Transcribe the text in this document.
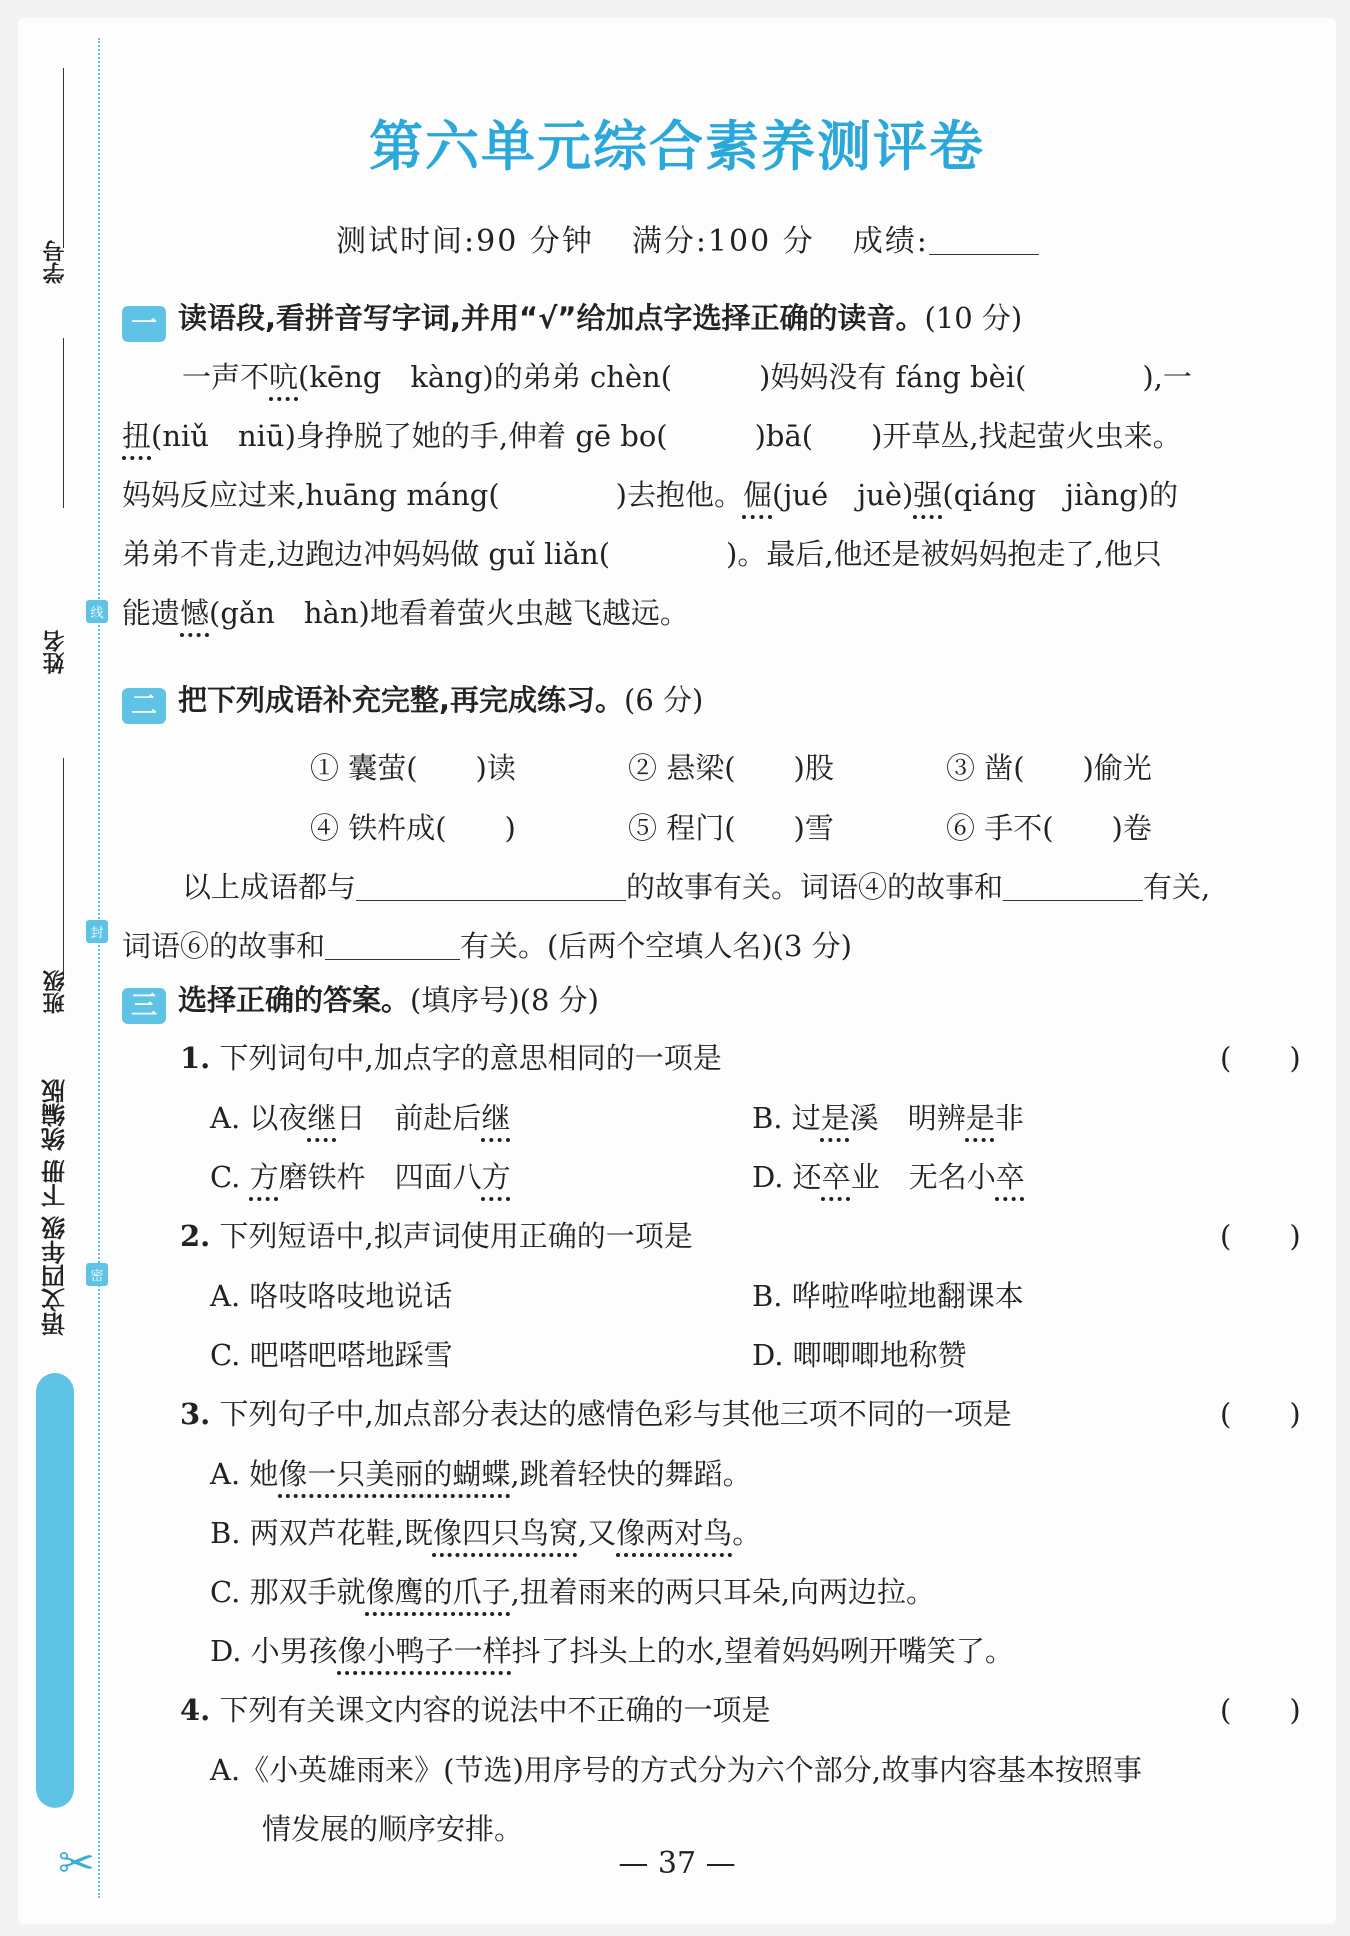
学号
姓名
班级
线
封
密
语文四年级 下册 统编版
✂
第六单元综合素养测评卷
测试时间:90 分钟 满分:100 分 成绩:
一 读语段,看拼音写字词,并用“√”给加点字选择正确的读音。(10 分)

一声不吭(kēng　kàng)的弟弟 chèn(　　　)妈妈没有 fáng bèi(　　　　),一

扭(niǔ　niū)身挣脱了她的手,伸着 gē bo(　　　)bā(　　)开草丛,找起萤火虫来。

妈妈反应过来,huāng máng(　　　　)去抱他。倔(jué　juè)强(qiáng　jiàng)的

弟弟不肯走,边跑边冲妈妈做 guǐ liǎn(　　　　)。最后,他还是被妈妈抱走了,他只

能遗憾(gǎn　hàn)地看着萤火虫越飞越远。

二 把下列成语补充完整,再完成练习。(6 分)
① 囊萤(　　)读	② 悬梁(　　)股	③ 凿(　　)偷光
④ 铁杵成(　　)	⑤ 程门(　　)雪	⑥ 手不(　　)卷

以上成语都与	的故事有关。词语④的故事和	有关,

词语⑥的故事和	有关。(后两个空填人名)(3 分)

三 选择正确的答案。(填序号)(8 分)
1. 下列词句中,加点字的意思相同的一项是	(　　)
A. 以夜继日　前赴后继	B. 过是溪　明辨是非
C. 方磨铁杵　四面八方	D. 还卒业　无名小卒
2. 下列短语中,拟声词使用正确的一项是	(　　)
A. 咯吱咯吱地说话	B. 哗啦哗啦地翻课本
C. 吧嗒吧嗒地踩雪	D. 唧唧唧地称赞
3. 下列句子中,加点部分表达的感情色彩与其他三项不同的一项是	(　　)
A. 她像一只美丽的蝴蝶,跳着轻快的舞蹈。
B. 两双芦花鞋,既像四只鸟窝,又像两对鸟。
C. 那双手就像鹰的爪子,扭着雨来的两只耳朵,向两边拉。
D. 小男孩像小鸭子一样抖了抖头上的水,望着妈妈咧开嘴笑了。
4. 下列有关课文内容的说法中不正确的一项是	(　　)
A.《小英雄雨来》(节选)用序号的方式分为六个部分,故事内容基本按照事
情发展的顺序安排。
— 37 —
